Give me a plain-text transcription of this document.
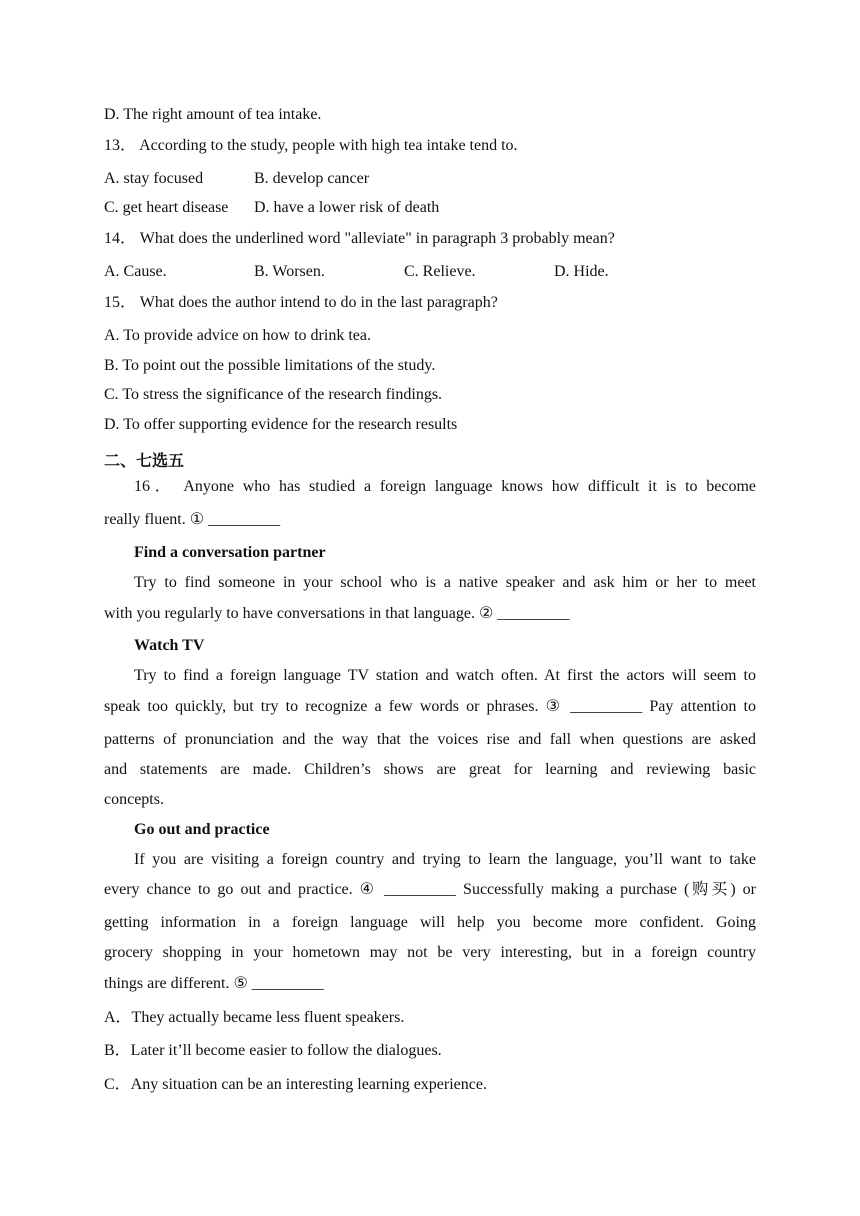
D. The right amount of tea intake.
13． According to the study, people with high tea intake tend to.
A. stay focused	B. develop cancer
C. get heart disease D. have a lower risk of death
14． What does the underlined word "alleviate" in paragraph 3 probably mean?
A. Cause.	B. Worsen.	C. Relieve.	D. Hide.
15． What does the author intend to do in the last paragraph?
A. To provide advice on how to drink tea.
B. To point out the possible limitations of the study.
C. To stress the significance of the research findings.
D. To offer supporting evidence for the research results
二、七选五
16． Anyone who has studied a foreign language knows how difficult it is to become
really fluent. ① _________
Find a conversation partner
Try to find someone in your school who is a native speaker and ask him or her to meet
with you regularly to have conversations in that language. ② _________
Watch TV
Try to find a foreign language TV station and watch often. At first the actors will seem to
speak too quickly, but try to recognize a few words or phrases. ③ _________ Pay attention to
patterns of pronunciation and the way that the voices rise and fall when questions are asked
and statements are made. Children’s shows are great for learning and reviewing basic
concepts.
Go out and practice
If you are visiting a foreign country and trying to learn the language, you’ll want to take
every chance to go out and practice. ④ _________ Successfully making a purchase (购买) or
getting information in a foreign language will help you become more confident. Going
grocery shopping in your hometown may not be very interesting, but in a foreign country
things are different. ⑤ _________
A．They actually became less fluent speakers.
B．Later it’ll become easier to follow the dialogues.
C．Any situation can be an interesting learning experience.
